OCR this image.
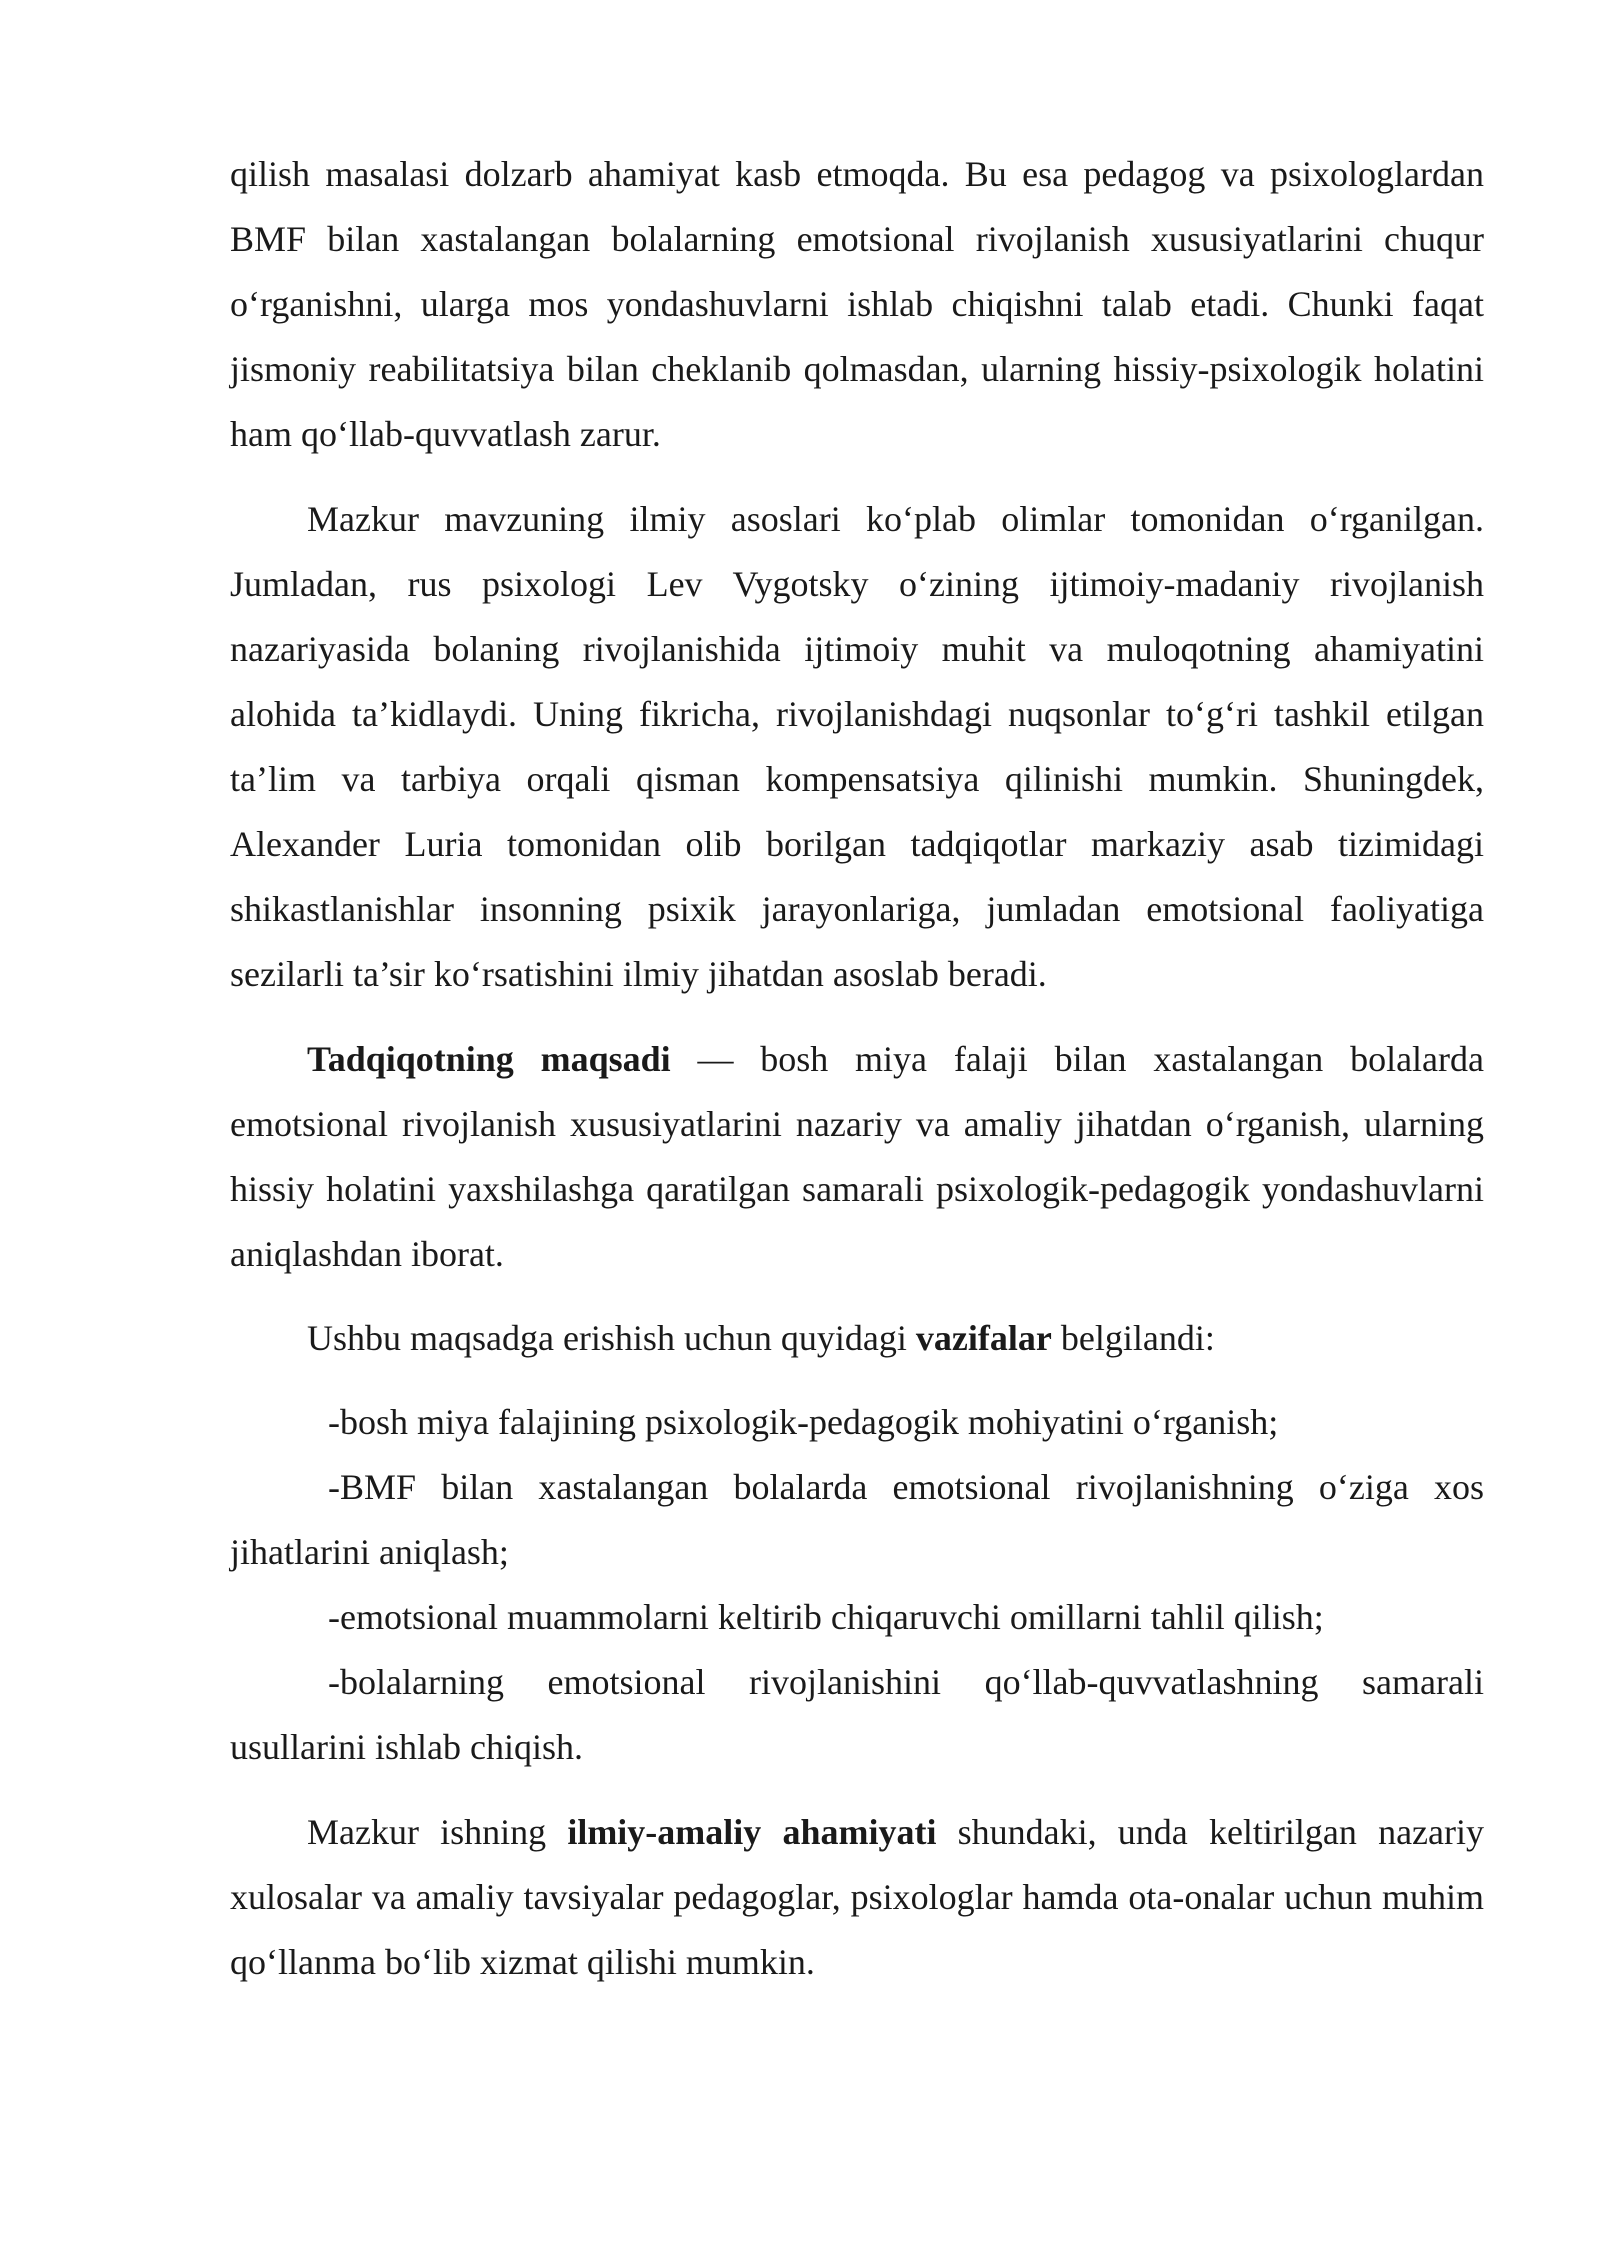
qilish masalasi dolzarb ahamiyat kasb etmoqda. Bu esa pedagog va psixologlardan BMF bilan xastalangan bolalarning emotsional rivojlanish xususiyatlarini chuqur o‘rganishni, ularga mos yondashuvlarni ishlab chiqishni talab etadi. Chunki faqat jismoniy reabilitatsiya bilan cheklanib qolmasdan, ularning hissiy-psixologik holatini ham qo‘llab-quvvatlash zarur.

Mazkur mavzuning ilmiy asoslari ko‘plab olimlar tomonidan o‘rganilgan. Jumladan, rus psixologi Lev Vygotsky o‘zining ijtimoiy-madaniy rivojlanish nazariyasida bolaning rivojlanishida ijtimoiy muhit va muloqotning ahamiyatini alohida ta’kidlaydi. Uning fikricha, rivojlanishdagi nuqsonlar to‘g‘ri tashkil etilgan ta’lim va tarbiya orqali qisman kompensatsiya qilinishi mumkin. Shuningdek, Alexander Luria tomonidan olib borilgan tadqiqotlar markaziy asab tizimidagi shikastlanishlar insonning psixik jarayonlariga, jumladan emotsional faoliyatiga sezilarli ta’sir ko‘rsatishini ilmiy jihatdan asoslab beradi.

Tadqiqotning maqsadi — bosh miya falaji bilan xastalangan bolalarda emotsional rivojlanish xususiyatlarini nazariy va amaliy jihatdan o‘rganish, ularning hissiy holatini yaxshilashga qaratilgan samarali psixologik-pedagogik yondashuvlarni aniqlashdan iborat.

Ushbu maqsadga erishish uchun quyidagi vazifalar belgilandi:

-bosh miya falajining psixologik-pedagogik mohiyatini o‘rganish;
-BMF bilan xastalangan bolalarda emotsional rivojlanishning o‘ziga xos jihatlarini aniqlash;
-emotsional muammolarni keltirib chiqaruvchi omillarni tahlil qilish;
-bolalarning emotsional rivojlanishini qo‘llab-quvvatlashning samarali usullarini ishlab chiqish.

Mazkur ishning ilmiy-amaliy ahamiyati shundaki, unda keltirilgan nazariy xulosalar va amaliy tavsiyalar pedagoglar, psixologlar hamda ota-onalar uchun muhim qo‘llanma bo‘lib xizmat qilishi mumkin.
